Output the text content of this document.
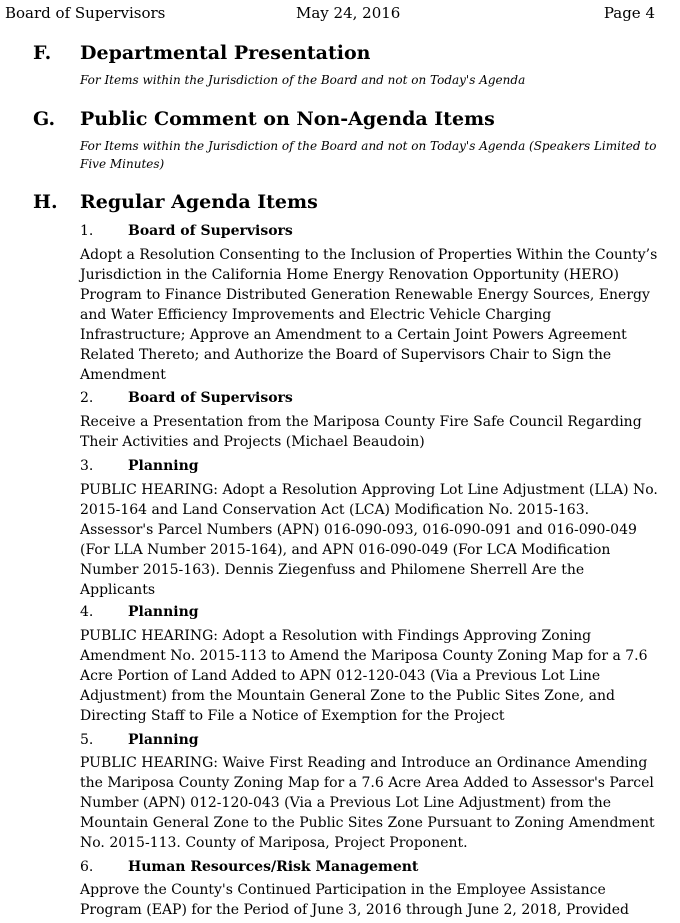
Board of Supervisors	May 24, 2016	Page 4
F. Departmental Presentation
For Items within the Jurisdiction of the Board and not on Today's Agenda
G. Public Comment on Non-Agenda Items
For Items within the Jurisdiction of the Board and not on Today's Agenda (Speakers Limited to Five Minutes)
H. Regular Agenda Items
1. Board of Supervisors
Adopt a Resolution Consenting to the Inclusion of Properties Within the County’s Jurisdiction in the California Home Energy Renovation Opportunity (HERO) Program to Finance Distributed Generation Renewable Energy Sources, Energy and Water Efficiency Improvements and Electric Vehicle Charging Infrastructure; Approve an Amendment to a Certain Joint Powers Agreement Related Thereto; and Authorize the Board of Supervisors Chair to Sign the Amendment
2. Board of Supervisors
Receive a Presentation from the Mariposa County Fire Safe Council Regarding Their Activities and Projects (Michael Beaudoin)
3. Planning
PUBLIC HEARING: Adopt a Resolution Approving Lot Line Adjustment (LLA) No. 2015-164 and Land Conservation Act (LCA) Modification No. 2015-163. Assessor's Parcel Numbers (APN) 016-090-093, 016-090-091 and 016-090-049 (For LLA Number 2015-164), and APN 016-090-049 (For LCA Modification Number 2015-163). Dennis Ziegenfuss and Philomene Sherrell Are the Applicants
4. Planning
PUBLIC HEARING: Adopt a Resolution with Findings Approving Zoning Amendment No. 2015-113 to Amend the Mariposa County Zoning Map for a 7.6 Acre Portion of Land Added to APN 012-120-043 (Via a Previous Lot Line Adjustment) from the Mountain General Zone to the Public Sites Zone, and Directing Staff to File a Notice of Exemption for the Project
5. Planning
PUBLIC HEARING: Waive First Reading and Introduce an Ordinance Amending the Mariposa County Zoning Map for a 7.6 Acre Area Added to Assessor's Parcel Number (APN) 012-120-043 (Via a Previous Lot Line Adjustment) from the Mountain General Zone to the Public Sites Zone Pursuant to Zoning Amendment No. 2015-113. County of Mariposa, Project Proponent.
6. Human Resources/Risk Management
Approve the County's Continued Participation in the Employee Assistance Program (EAP) for the Period of June 3, 2016 through June 2, 2018, Provided
